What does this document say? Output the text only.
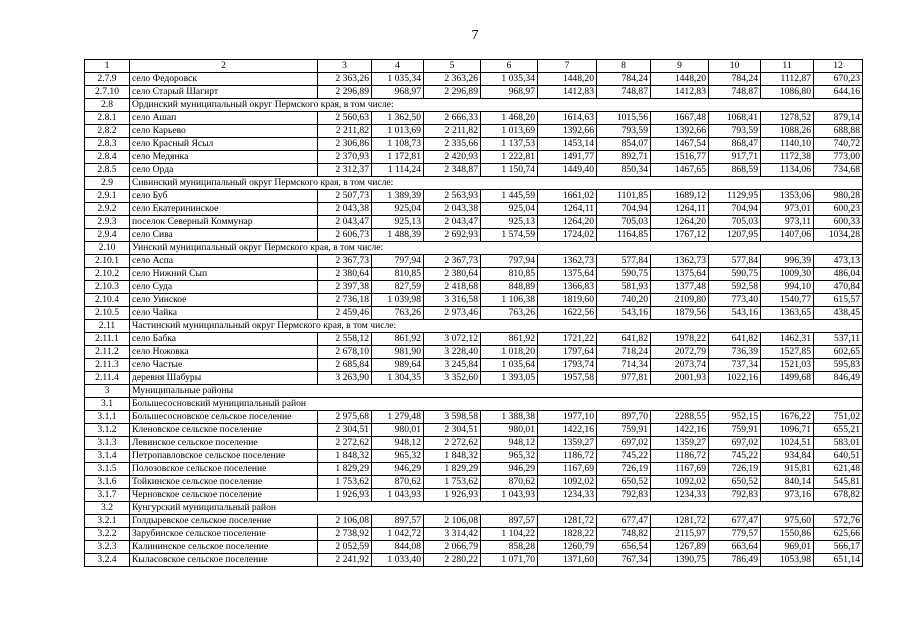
7
1	2	3	4	5	6	7	8	9	10	11	12
2.7.9	село Федоровск	2 363,26	1 035,34	2 363,26	1 035,34	1448,20	784,24	1448,20	784,24	1112,87	670,23
2.7.10	село Старый Шагирт	2 296,89	968,97	2 296,89	968,97	1412,83	748,87	1412,83	748,87	1086,80	644,16
2.8	Ординский муниципальный округ Пермского края, в том числе:										
2.8.1	село Ашап	2 560,63	1 362,50	2 666,33	1 468,20	1614,63	1015,56	1667,48	1068,41	1278,52	879,14
2.8.2	село Карьево	2 211,82	1 013,69	2 211,82	1 013,69	1392,66	793,59	1392,66	793,59	1088,26	688,88
2.8.3	село Красный Ясыл	2 306,86	1 108,73	2 335,66	1 137,53	1453,14	854,07	1467,54	868,47	1140,10	740,72
2.8.4	село Медянка	2 370,93	1 172,81	2 420,93	1 222,81	1491,77	892,71	1516,77	917,71	1172,38	773,00
2.8.5	село Орда	2 312,37	1 114,24	2 348,87	1 150,74	1449,40	850,34	1467,65	868,59	1134,06	734,68
2.9	Сивинский муниципальный округ Пермского края, в том числе:										
2.9.1	село Буб	2 507,73	1 389,39	2 563,93	1 445,59	1661,02	1101,85	1689,12	1129,95	1353,06	980,28
2.9.2	село Екатерининское	2 043,38	925,04	2 043,38	925,04	1264,11	704,94	1264,11	704,94	973,01	600,23
2.9.3	поселок Северный Коммунар	2 043,47	925,13	2 043,47	925,13	1264,20	705,03	1264,20	705,03	973,11	600,33
2.9.4	село Сива	2 606,73	1 488,39	2 692,93	1 574,59	1724,02	1164,85	1767,12	1207,95	1407,06	1034,28
2.10	Уинский муниципальный округ Пермского края, в том числе:										
2.10.1	село Аспа	2 367,73	797,94	2 367,73	797,94	1362,73	577,84	1362,73	577,84	996,39	473,13
2.10.2	село Нижний Сып	2 380,64	810,85	2 380,64	810,85	1375,64	590,75	1375,64	590,75	1009,30	486,04
2.10.3	село Суда	2 397,38	827,59	2 418,68	848,89	1366,83	581,93	1377,48	592,58	994,10	470,84
2.10.4	село Уинское	2 736,18	1 039,98	3 316,58	1 106,38	1819,60	740,20	2109,80	773,40	1540,77	615,57
2.10.5	село Чайка	2 459,46	763,26	2 973,46	763,26	1622,56	543,16	1879,56	543,16	1363,65	438,45
2.11	Частинский муниципальный округ Пермского края, в том числе:										
2.11.1	село Бабка	2 558,12	861,92	3 072,12	861,92	1721,22	641,82	1978,22	641,82	1462,31	537,11
2.11.2	село Ножовка	2 678,10	981,90	3 228,40	1 018,20	1797,64	718,24	2072,79	736,39	1527,85	602,65
2.11.3	село Частые	2 685,84	989,64	3 245,84	1 035,64	1793,74	714,34	2073,74	737,34	1521,03	595,83
2.11.4	деревня Шабуры	3 263,90	1 304,35	3 352,60	1 393,05	1957,58	977,81	2001,93	1022,16	1499,68	846,49
3	Муниципальные районы										
3.1	Большесосновский муниципальный район										
3.1.1	Большесосновское сельское поселение	2 975,68	1 279,48	3 598,58	1 388,38	1977,10	897,70	2288,55	952,15	1676,22	751,02
3.1.2	Кленовское сельское поселение	2 304,51	980,01	2 304,51	980,01	1422,16	759,91	1422,16	759,91	1096,71	655,21
3.1.3	Левинское сельское поселение	2 272,62	948,12	2 272,62	948,12	1359,27	697,02	1359,27	697,02	1024,51	583,01
3.1.4	Петропавловское сельское поселение	1 848,32	965,32	1 848,32	965,32	1186,72	745,22	1186,72	745,22	934,84	640,51
3.1.5	Полозовское сельское поселение	1 829,29	946,29	1 829,29	946,29	1167,69	726,19	1167,69	726,19	915,81	621,48
3.1.6	Тойкинское сельское поселение	1 753,62	870,62	1 753,62	870,62	1092,02	650,52	1092,02	650,52	840,14	545,81
3.1.7	Черновское сельское поселение	1 926,93	1 043,93	1 926,93	1 043,93	1234,33	792,83	1234,33	792,83	973,16	678,82
3.2	Кунгурский муниципальный район										
3.2.1	Голдыревское сельское поселение	2 106,08	897,57	2 106,08	897,57	1281,72	677,47	1281,72	677,47	975,60	572,76
3.2.2	Зарубинское сельское поселение	2 738,92	1 042,72	3 314,42	1 104,22	1828,22	748,82	2115,97	779,57	1550,86	625,66
3.2.3	Калининское сельское поселение	2 052,59	844,08	2 066,79	858,28	1260,79	656,54	1267,89	663,64	969,01	566,17
3.2.4	Кыласовское сельское поселение	2 241,92	1 033,40	2 280,22	1 071,70	1371,60	767,34	1390,75	786,49	1053,98	651,14
